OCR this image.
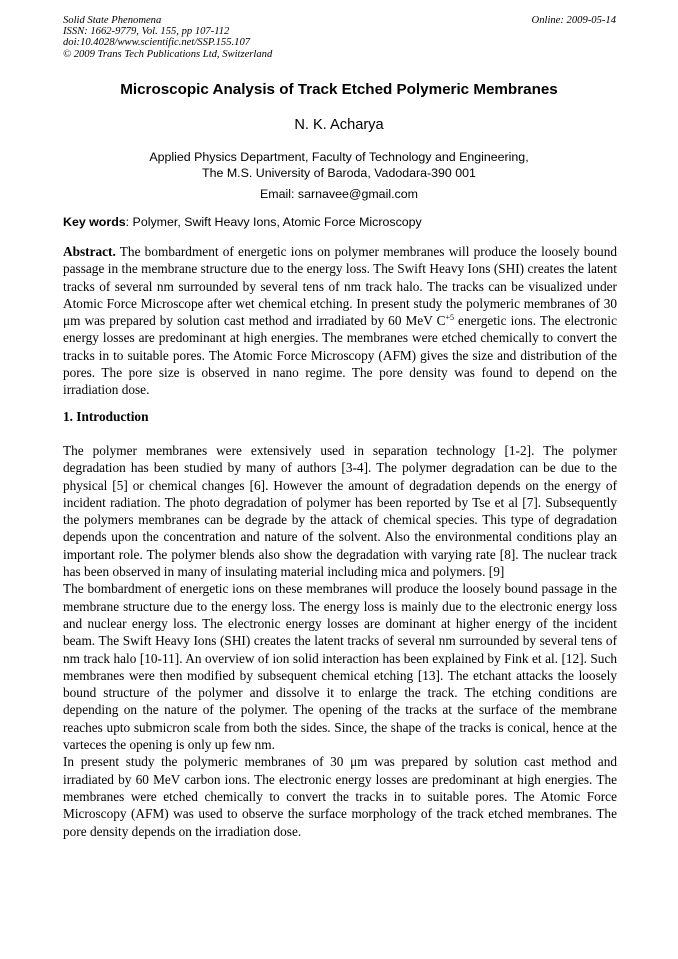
Solid State Phenomena
ISSN: 1662-9779, Vol. 155, pp 107-112
doi:10.4028/www.scientific.net/SSP.155.107
© 2009 Trans Tech Publications Ltd, Switzerland
Online: 2009-05-14
Microscopic Analysis of Track Etched Polymeric Membranes
N. K. Acharya
Applied Physics Department, Faculty of Technology and Engineering,
The M.S. University of Baroda, Vadodara-390 001
Email: sarnavee@gmail.com
Key words: Polymer, Swift Heavy Ions, Atomic Force Microscopy
Abstract. The bombardment of energetic ions on polymer membranes will produce the loosely bound passage in the membrane structure due to the energy loss. The Swift Heavy Ions (SHI) creates the latent tracks of several nm surrounded by several tens of nm track halo. The tracks can be visualized under Atomic Force Microscope after wet chemical etching. In present study the polymeric membranes of 30 μm was prepared by solution cast method and irradiated by 60 MeV $C^{+5}$ energetic ions. The electronic energy losses are predominant at high energies. The membranes were etched chemically to convert the tracks in to suitable pores. The Atomic Force Microscopy (AFM) gives the size and distribution of the pores. The pore size is observed in nano regime. The pore density was found to depend on the irradiation dose.
1. Introduction

The polymer membranes were extensively used in separation technology [1-2]. The polymer degradation has been studied by many of authors [3-4]. The polymer degradation can be due to the physical [5] or chemical changes [6]. However the amount of degradation depends on the energy of incident radiation. The photo degradation of polymer has been reported by Tse et al [7]. Subsequently the polymers membranes can be degrade by the attack of chemical species. This type of degradation depends upon the concentration and nature of the solvent. Also the environmental conditions play an important role. The polymer blends also show the degradation with varying rate [8]. The nuclear track has been observed in many of insulating material including mica and polymers. [9]

The bombardment of energetic ions on these membranes will produce the loosely bound passage in the membrane structure due to the energy loss. The energy loss is mainly due to the electronic energy loss and nuclear energy loss. The electronic energy losses are dominant at higher energy of the incident beam. The Swift Heavy Ions (SHI) creates the latent tracks of several nm surrounded by several tens of nm track halo [10-11]. An overview of ion solid interaction has been explained by Fink et al. [12]. Such membranes were then modified by subsequent chemical etching [13]. The etchant attacks the loosely bound structure of the polymer and dissolve it to enlarge the track. The etching conditions are depending on the nature of the polymer. The opening of the tracks at the surface of the membrane reaches upto submicron scale from both the sides. Since, the shape of the tracks is conical, hence at the varteces the opening is only up few nm.

In present study the polymeric membranes of 30 μm was prepared by solution cast method and irradiated by 60 MeV carbon ions. The electronic energy losses are predominant at high energies. The membranes were etched chemically to convert the tracks in to suitable pores. The Atomic Force Microscopy (AFM) was used to observe the surface morphology of the track etched membranes. The pore density depends on the irradiation dose.
